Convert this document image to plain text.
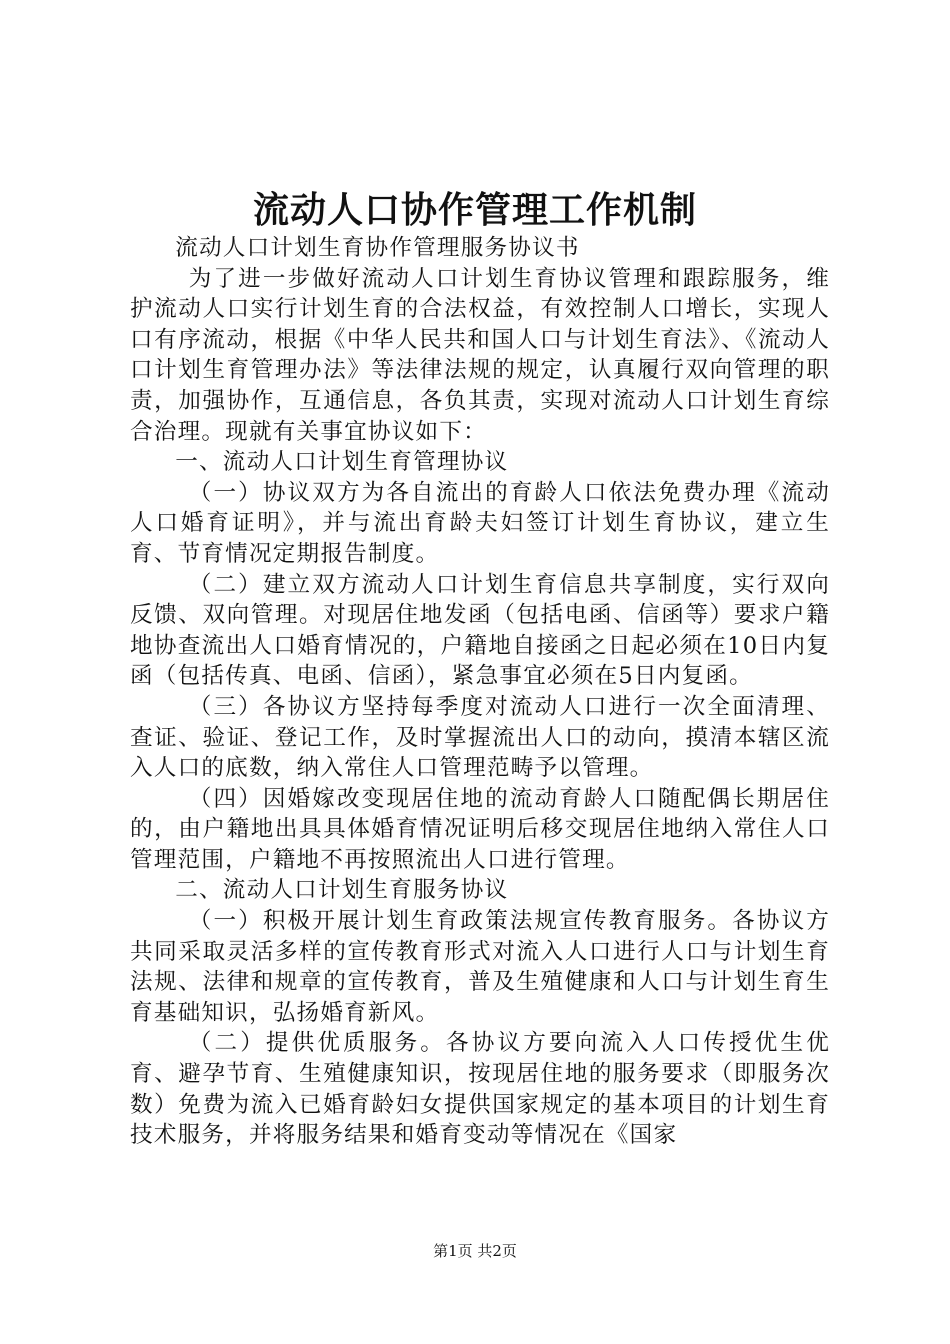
流动人口协作管理工作机制

流动人口计划生育协作管理服务协议书

为了进一步做好流动人口计划生育协议管理和跟踪服务，维护流动人口实行计划生育的合法权益，有效控制人口增长，实现人口有序流动，根据《中华人民共和国人口与计划生育法》、《流动人口计划生育管理办法》等法律法规的规定，认真履行双向管理的职责，加强协作，互通信息，各负其责，实现对流动人口计划生育综合治理。现就有关事宜协议如下：

一、流动人口计划生育管理协议

（一）协议双方为各自流出的育龄人口依法免费办理《流动人口婚育证明》，并与流出育龄夫妇签订计划生育协议，建立生育、节育情况定期报告制度。

（二）建立双方流动人口计划生育信息共享制度，实行双向反馈、双向管理。对现居住地发函（包括电函、信函等）要求户籍地协查流出人口婚育情况的，户籍地自接函之日起必须在10日内复函（包括传真、电函、信函），紧急事宜必须在5日内复函。

（三）各协议方坚持每季度对流动人口进行一次全面清理、查证、验证、登记工作，及时掌握流出人口的动向，摸清本辖区流入人口的底数，纳入常住人口管理范畴予以管理。

（四）因婚嫁改变现居住地的流动育龄人口随配偶长期居住的，由户籍地出具具体婚育情况证明后移交现居住地纳入常住人口管理范围，户籍地不再按照流出人口进行管理。

二、流动人口计划生育服务协议

（一）积极开展计划生育政策法规宣传教育服务。各协议方共同采取灵活多样的宣传教育形式对流入人口进行人口与计划生育法规、法律和规章的宣传教育，普及生殖健康和人口与计划生育生育基础知识，弘扬婚育新风。

（二）提供优质服务。各协议方要向流入人口传授优生优育、避孕节育、生殖健康知识，按现居住地的服务要求（即服务次数）免费为流入已婚育龄妇女提供国家规定的基本项目的计划生育技术服务，并将服务结果和婚育变动等情况在《国家

第1页 共2页
